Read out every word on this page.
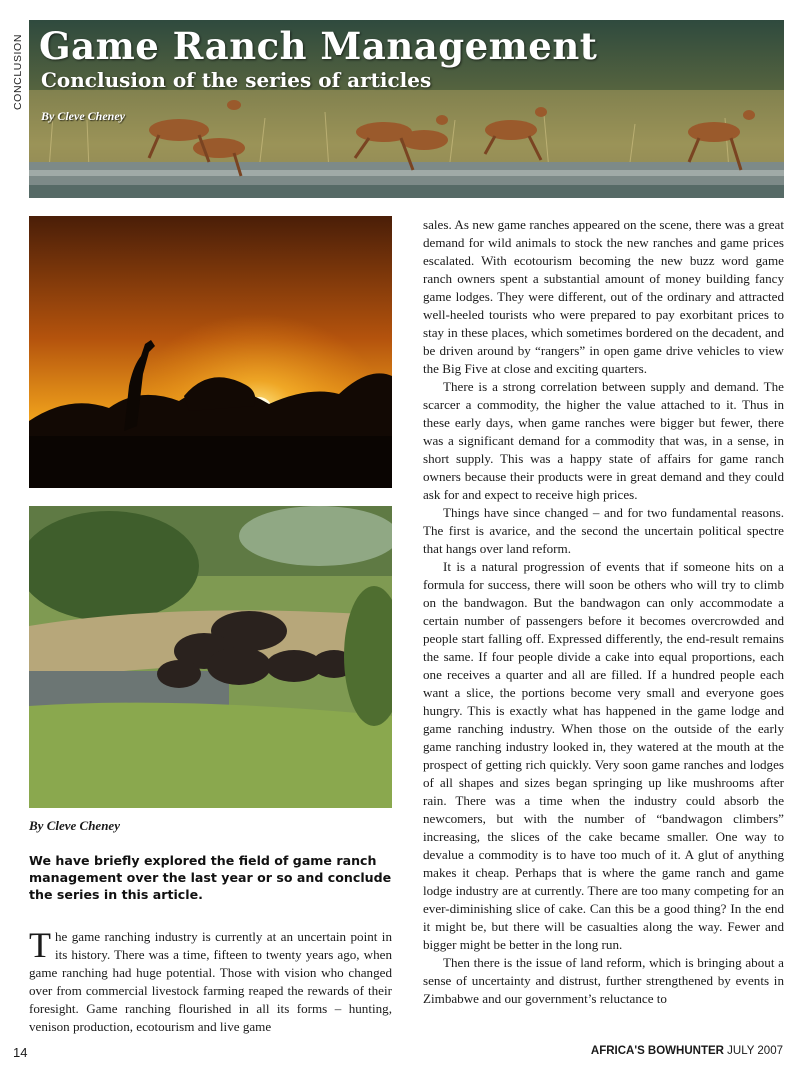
CONCLUSION Game Ranch Management
Conclusion of the series of articles
By Cleve Cheney
By Cleve Cheney
We have briefly explored the field of game ranch management over the last year or so and conclude the series in this article.
T he game ranching industry is currently at an uncertain point in its history. There was a time, fifteen to twenty years ago, when game ranching had huge potential. Those with vision who changed over from commercial livestock farming reaped the rewards of their foresight. Game ranching flourished in all its forms – hunting, venison production, ecotourism and live game

sales. As new game ranches appeared on the scene, there was a great demand for wild animals to stock the new ranches and game prices escalated. With ecotourism becoming the new buzz word game ranch owners spent a substantial amount of money building fancy game lodges. They were different, out of the ordinary and attracted well-heeled tourists who were prepared to pay exorbitant prices to stay in these places, which sometimes bordered on the decadent, and be driven around by “rangers” in open game drive vehicles to view the Big Five at close and exciting quarters.

There is a strong correlation between supply and demand. The scarcer a commodity, the higher the value attached to it. Thus in these early days, when game ranches were bigger but fewer, there was a significant demand for a commodity that was, in a sense, in short supply. This was a happy state of affairs for game ranch owners because their products were in great demand and they could ask for and expect to receive high prices.

Things have since changed – and for two fundamental reasons. The first is avarice, and the second the uncertain political spectre that hangs over land reform.

It is a natural progression of events that if someone hits on a formula for success, there will soon be others who will try to climb on the bandwagon. But the bandwagon can only accommodate a certain number of passengers before it becomes overcrowded and people start falling off. Expressed differently, the end-result remains the same. If four people divide a cake into equal proportions, each one receives a quarter and all are filled. If a hundred people each want a slice, the portions become very small and everyone goes hungry. This is exactly what has happened in the game lodge and game ranching industry. When those on the outside of the early game ranching industry looked in, they watered at the mouth at the prospect of getting rich quickly. Very soon game ranches and lodges of all shapes and sizes began springing up like mushrooms after rain. There was a time when the industry could absorb the newcomers, but with the number of “bandwagon climbers” increasing, the slices of the cake became smaller. One way to devalue a commodity is to have too much of it. A glut of anything makes it cheap. Perhaps that is where the game ranch and game lodge industry are at currently. There are too many competing for an ever-diminishing slice of cake. Can this be a good thing? In the end it might be, but there will be casualties along the way. Fewer and bigger might be better in the long run.

Then there is the issue of land reform, which is bringing about a sense of uncertainty and distrust, further strengthened by events in Zimbabwe and our government’s reluctance to

14	AFRICA'S BOWHUNTER JULY 2007
